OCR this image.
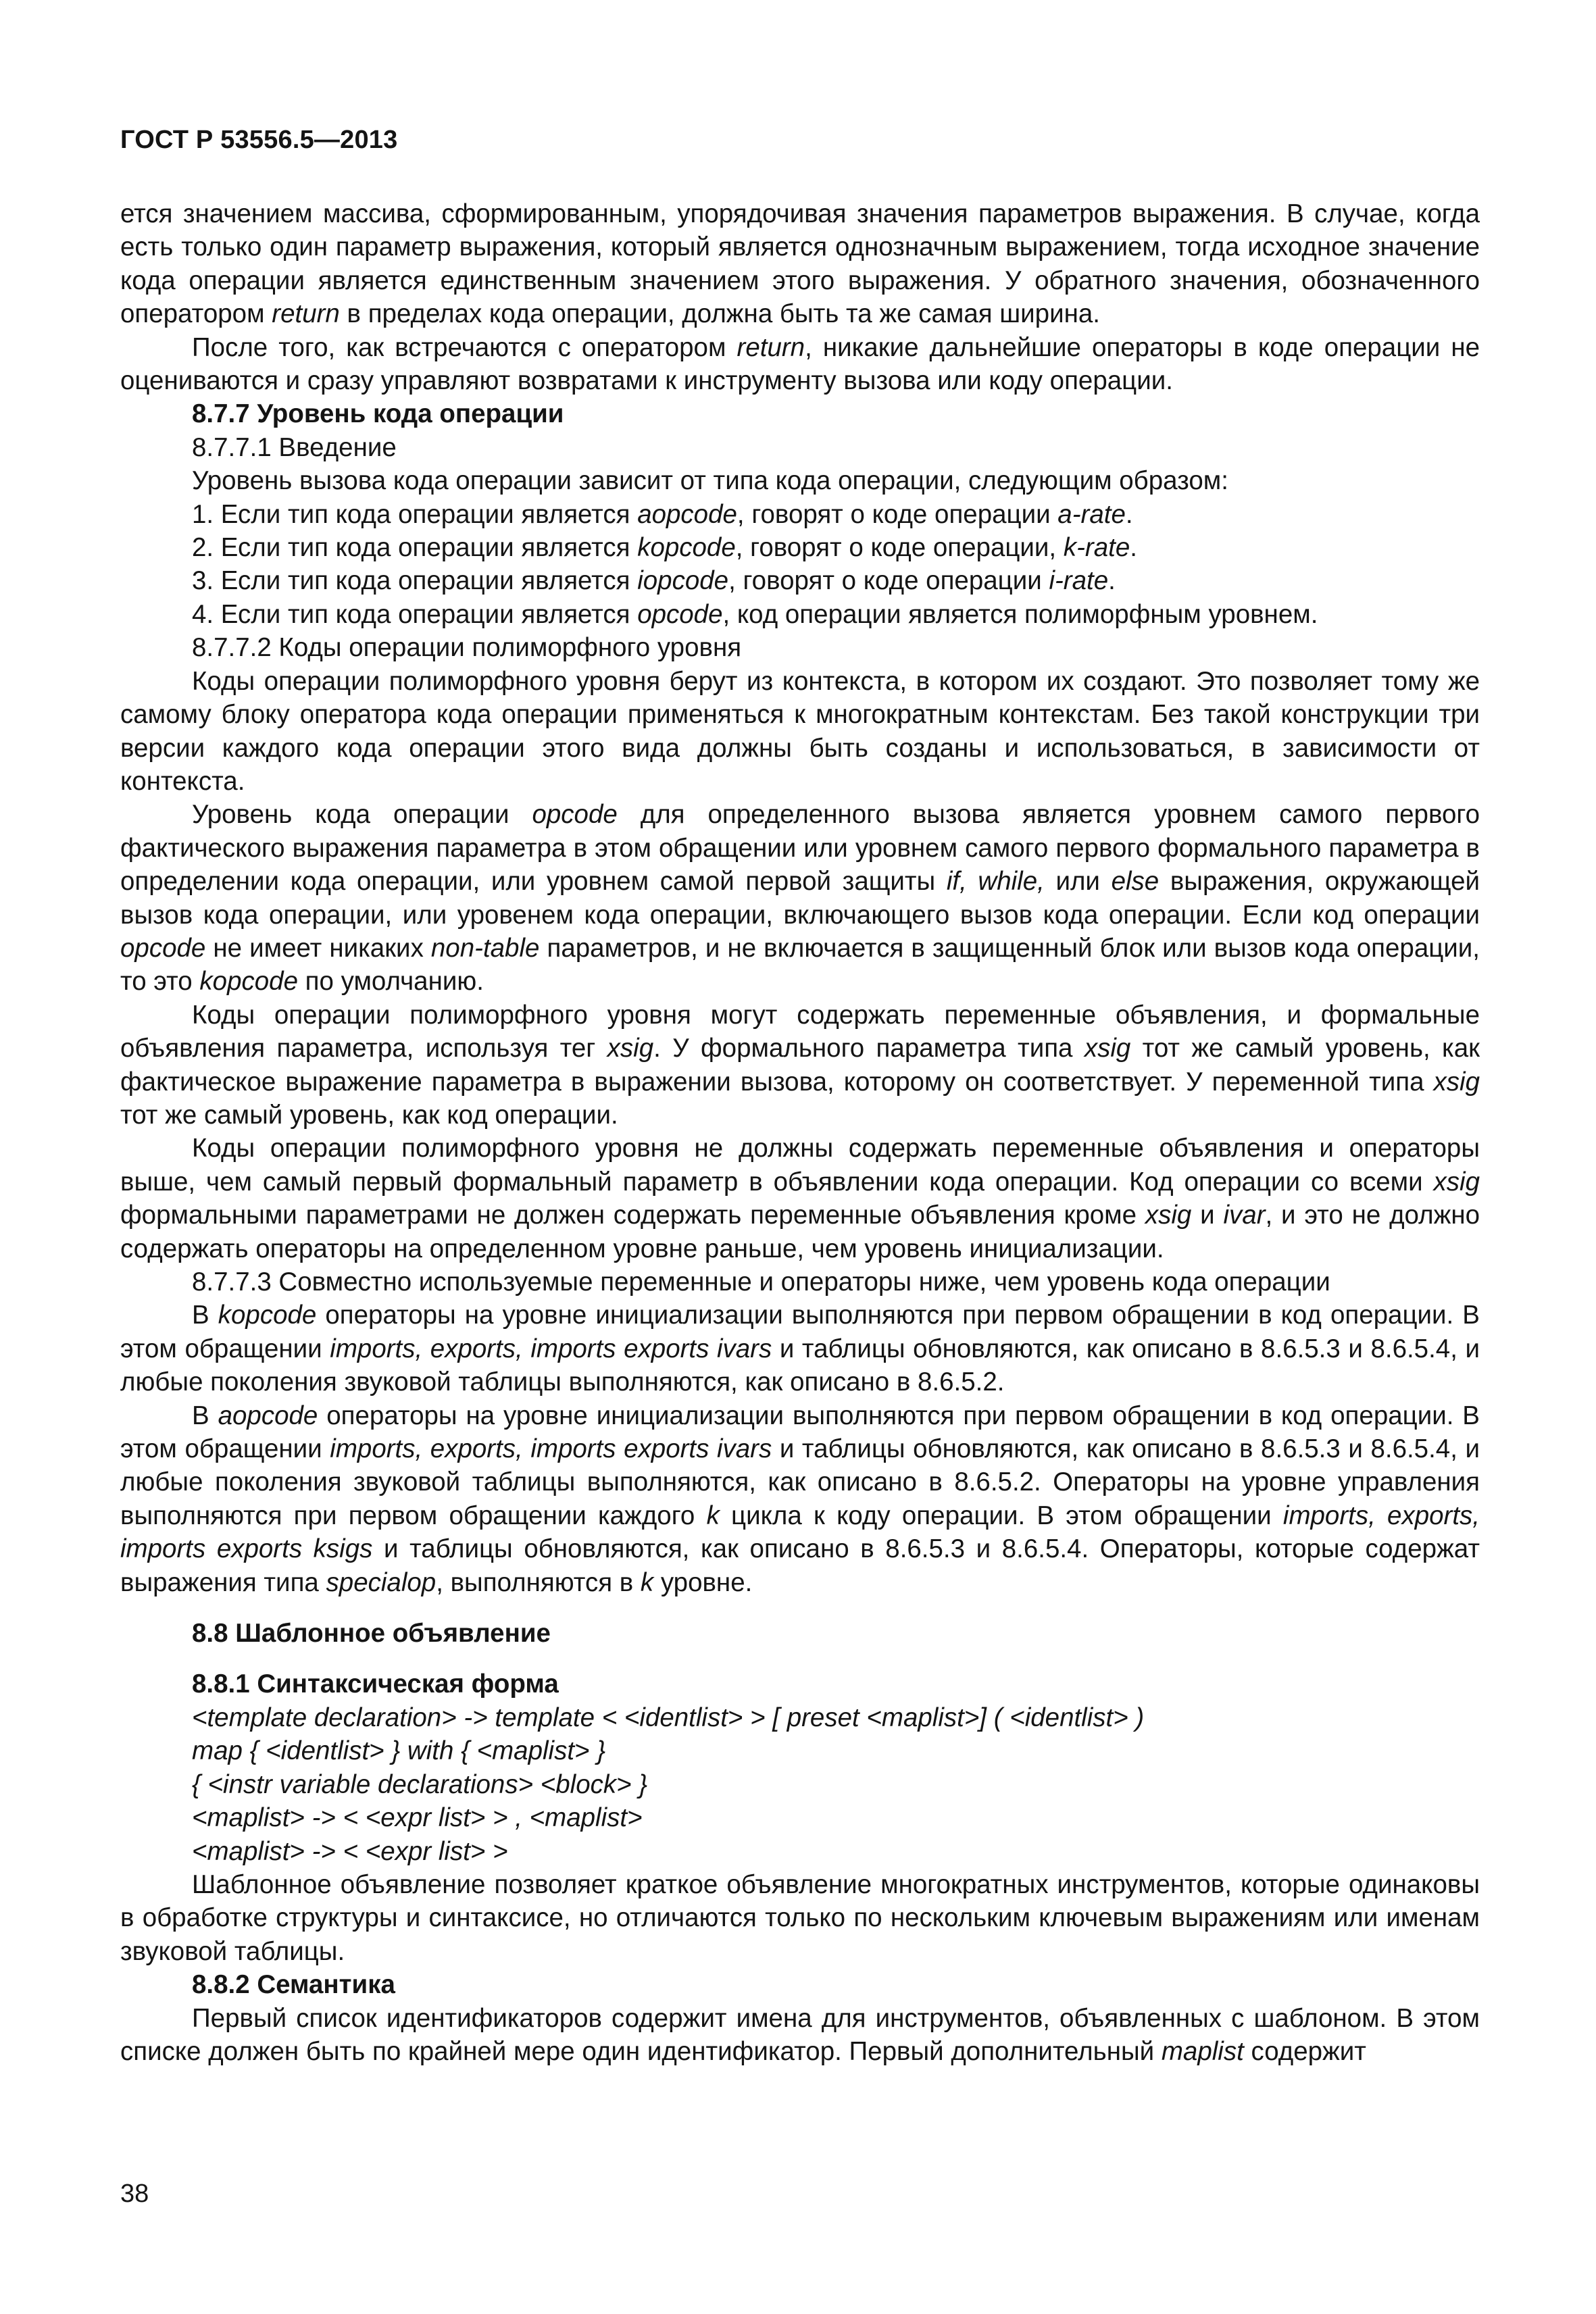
ГОСТ Р 53556.5—2013

ется значением массива, сформированным, упорядочивая значения параметров выражения. В случае, когда есть только один параметр выражения, который является однозначным выражением, тогда исходное значение кода операции является единственным значением этого выражения. У обратного значения, обозначенного оператором return в пределах кода операции, должна быть та же самая ширина.

После того, как встречаются с оператором return, никакие дальнейшие операторы в коде операции не оцениваются и сразу управляют возвратами к инструменту вызова или коду операции.

8.7.7 Уровень кода операции

8.7.7.1 Введение

Уровень вызова кода операции зависит от типа кода операции, следующим образом:

1. Если тип кода операции является aopcode, говорят о коде операции a-rate.

2. Если тип кода операции является kopcode, говорят о коде операции, k-rate.

3. Если тип кода операции является iopcode, говорят о коде операции i-rate.

4. Если тип кода операции является opcode, код операции является полиморфным уровнем.

8.7.7.2 Коды операции полиморфного уровня

Коды операции полиморфного уровня берут из контекста, в котором их создают. Это позволяет тому же самому блоку оператора кода операции применяться к многократным контекстам. Без такой конструкции три версии каждого кода операции этого вида должны быть созданы и использоваться, в зависимости от контекста.

Уровень кода операции opcode для определенного вызова является уровнем самого первого фактического выражения параметра в этом обращении или уровнем самого первого формального параметра в определении кода операции, или уровнем самой первой защиты if, while, или else выражения, окружающей вызов кода операции, или уровенем кода операции, включающего вызов кода операции. Если код операции opcode не имеет никаких non-table параметров, и не включается в защищенный блок или вызов кода операции, то это kopcode по умолчанию.

Коды операции полиморфного уровня могут содержать переменные объявления, и формальные объявления параметра, используя тег xsig. У формального параметра типа xsig тот же самый уровень, как фактическое выражение параметра в выражении вызова, которому он соответствует. У переменной типа xsig тот же самый уровень, как код операции.

Коды операции полиморфного уровня не должны содержать переменные объявления и операторы выше, чем самый первый формальный параметр в объявлении кода операции. Код операции со всеми xsig формальными параметрами не должен содержать переменные объявления кроме xsig и ivar, и это не должно содержать операторы на определенном уровне раньше, чем уровень инициализации.

8.7.7.3 Совместно используемые переменные и операторы ниже, чем уровень кода операции

В kopcode операторы на уровне инициализации выполняются при первом обращении в код операции. В этом обращении imports, exports, imports exports ivars и таблицы обновляются, как описано в 8.6.5.3 и 8.6.5.4, и любые поколения звуковой таблицы выполняются, как описано в 8.6.5.2.

В aopcode операторы на уровне инициализации выполняются при первом обращении в код операции. В этом обращении imports, exports, imports exports ivars и таблицы обновляются, как описано в 8.6.5.3 и 8.6.5.4, и любые поколения звуковой таблицы выполняются, как описано в 8.6.5.2. Операторы на уровне управления выполняются при первом обращении каждого k цикла к коду операции. В этом обращении imports, exports, imports exports ksigs и таблицы обновляются, как описано в 8.6.5.3 и 8.6.5.4. Операторы, которые содержат выражения типа specialop, выполняются в k уровне.

8.8 Шаблонное объявление

8.8.1 Синтаксическая форма

<template declaration> -> template < <identlist> > [ preset <maplist>] ( <identlist> )

map { <identlist> } with { <maplist> }

{ <instr variable declarations> <block> }

<maplist> -> < <expr list> > , <maplist>

<maplist> -> < <expr list> >

Шаблонное объявление позволяет краткое объявление многократных инструментов, которые одинаковы в обработке структуры и синтаксисе, но отличаются только по нескольким ключевым выражениям или именам звуковой таблицы.

8.8.2 Семантика

Первый список идентификаторов содержит имена для инструментов, объявленных с шаблоном. В этом списке должен быть по крайней мере один идентификатор. Первый дополнительный maplist содержит

38
